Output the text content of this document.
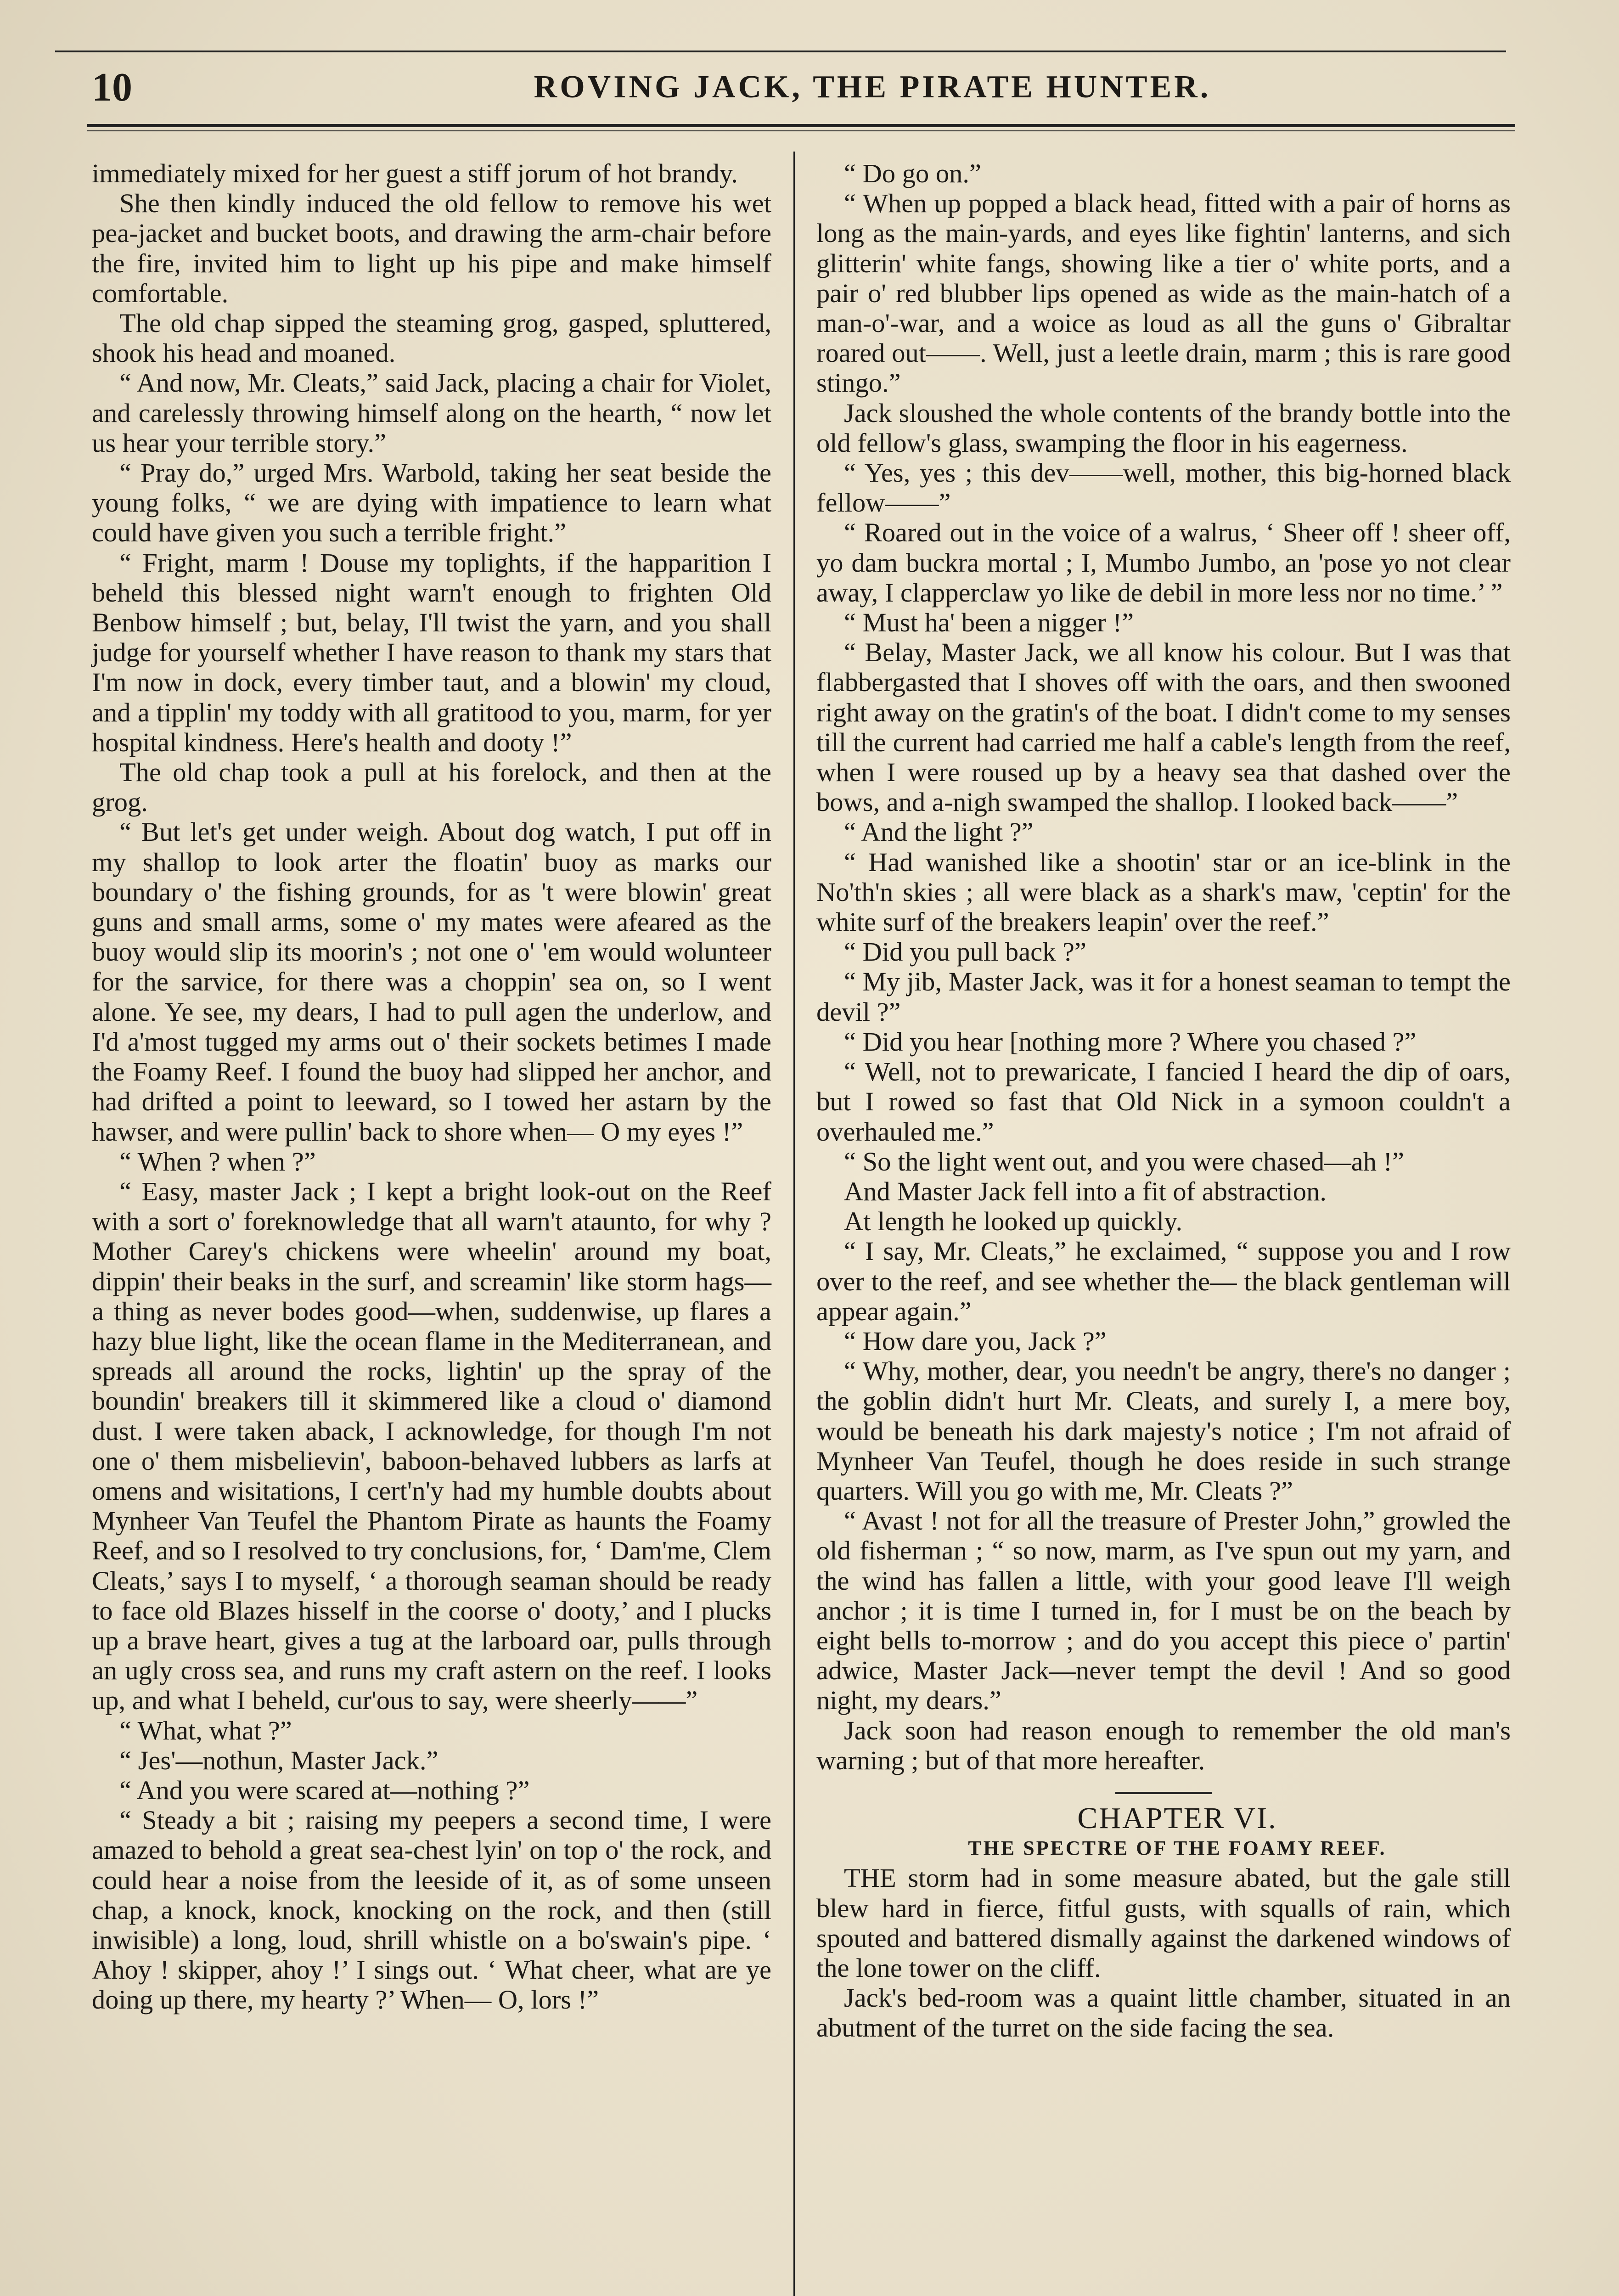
10	ROVING JACK, THE PIRATE HUNTER.

immediately mixed for her guest a stiff jorum of hot brandy.

She then kindly induced the old fellow to remove his wet pea-jacket and bucket boots, and drawing the arm-chair before the fire, invited him to light up his pipe and make himself comfortable.

The old chap sipped the steaming grog, gasped, spluttered, shook his head and moaned.

“ And now, Mr. Cleats,” said Jack, placing a chair for Violet, and carelessly throwing himself along on the hearth, “ now let us hear your terrible story.”

“ Pray do,” urged Mrs. Warbold, taking her seat beside the young folks, “ we are dying with impatience to learn what could have given you such a terrible fright.”

“ Fright, marm ! Douse my toplights, if the happarition I beheld this blessed night warn't enough to frighten Old Benbow himself ; but, belay, I'll twist the yarn, and you shall judge for yourself whether I have reason to thank my stars that I'm now in dock, every timber taut, and a blowin' my cloud, and a tipplin' my toddy with all gratitood to you, marm, for yer hospital kindness. Here's health and dooty !”

The old chap took a pull at his forelock, and then at the grog.

“ But let's get under weigh. About dog watch, I put off in my shallop to look arter the floatin' buoy as marks our boundary o' the fishing grounds, for as 't were blowin' great guns and small arms, some o' my mates were afeared as the buoy would slip its moorin's ; not one o' 'em would wolunteer for the sarvice, for there was a choppin' sea on, so I went alone. Ye see, my dears, I had to pull agen the underlow, and I'd a'most tugged my arms out o' their sockets betimes I made the Foamy Reef. I found the buoy had slipped her anchor, and had drifted a point to leeward, so I towed her astarn by the hawser, and were pullin' back to shore when— O my eyes !”

“ When ? when ?”

“ Easy, master Jack ; I kept a bright look-out on the Reef with a sort o' foreknowledge that all warn't ataunto, for why ? Mother Carey's chickens were wheelin' around my boat, dippin' their beaks in the surf, and screamin' like storm hags—a thing as never bodes good—when, suddenwise, up flares a hazy blue light, like the ocean flame in the Mediterranean, and spreads all around the rocks, lightin' up the spray of the boundin' breakers till it skimmered like a cloud o' diamond dust. I were taken aback, I acknowledge, for though I'm not one o' them misbelievin', baboon-behaved lubbers as larfs at omens and wisitations, I cert'n'y had my humble doubts about Mynheer Van Teufel the Phantom Pirate as haunts the Foamy Reef, and so I resolved to try conclusions, for, ‘ Dam'me, Clem Cleats,’ says I to myself, ‘ a thorough seaman should be ready to face old Blazes hisself in the coorse o' dooty,’ and I plucks up a brave heart, gives a tug at the larboard oar, pulls through an ugly cross sea, and runs my craft astern on the reef. I looks up, and what I beheld, cur'ous to say, were sheerly——”

“ What, what ?”

“ Jes'—nothun, Master Jack.”

“ And you were scared at—nothing ?”

“ Steady a bit ; raising my peepers a second time, I were amazed to behold a great sea-chest lyin' on top o' the rock, and could hear a noise from the leeside of it, as of some unseen chap, a knock, knock, knocking on the rock, and then (still inwisible) a long, loud, shrill whistle on a bo'swain's pipe. ‘ Ahoy ! skipper, ahoy !’ I sings out. ‘ What cheer, what are ye doing up there, my hearty ?’ When— O, lors !”

“ Do go on.”

“ When up popped a black head, fitted with a pair of horns as long as the main-yards, and eyes like fightin' lanterns, and sich glitterin' white fangs, showing like a tier o' white ports, and a pair o' red blubber lips opened as wide as the main-hatch of a man-o'-war, and a woice as loud as all the guns o' Gibraltar roared out——. Well, just a leetle drain, marm ; this is rare good stingo.”

Jack sloushed the whole contents of the brandy bottle into the old fellow's glass, swamping the floor in his eagerness.

“ Yes, yes ; this dev——well, mother, this big-horned black fellow——”

“ Roared out in the voice of a walrus, ‘ Sheer off ! sheer off, yo dam buckra mortal ; I, Mumbo Jumbo, an 'pose yo not clear away, I clapperclaw yo like de debil in more less nor no time.’ ”

“ Must ha' been a nigger !”

“ Belay, Master Jack, we all know his colour. But I was that flabbergasted that I shoves off with the oars, and then swooned right away on the gratin's of the boat. I didn't come to my senses till the current had carried me half a cable's length from the reef, when I were roused up by a heavy sea that dashed over the bows, and a-nigh swamped the shallop. I looked back——”

“ And the light ?”

“ Had wanished like a shootin' star or an ice-blink in the No'th'n skies ; all were black as a shark's maw, 'ceptin' for the white surf of the breakers leapin' over the reef.”

“ Did you pull back ?”

“ My jib, Master Jack, was it for a honest seaman to tempt the devil ?”

“ Did you hear [nothing more ? Where you chased ?”

“ Well, not to prewaricate, I fancied I heard the dip of oars, but I rowed so fast that Old Nick in a symoon couldn't a overhauled me.”

“ So the light went out, and you were chased—ah !”

And Master Jack fell into a fit of abstraction.

At length he looked up quickly.

“ I say, Mr. Cleats,” he exclaimed, “ suppose you and I row over to the reef, and see whether the— the black gentleman will appear again.”

“ How dare you, Jack ?”

“ Why, mother, dear, you needn't be angry, there's no danger ; the goblin didn't hurt Mr. Cleats, and surely I, a mere boy, would be beneath his dark majesty's notice ; I'm not afraid of Mynheer Van Teufel, though he does reside in such strange quarters. Will you go with me, Mr. Cleats ?”

“ Avast ! not for all the treasure of Prester John,” growled the old fisherman ; “ so now, marm, as I've spun out my yarn, and the wind has fallen a little, with your good leave I'll weigh anchor ; it is time I turned in, for I must be on the beach by eight bells to-morrow ; and do you accept this piece o' partin' adwice, Master Jack—never tempt the devil ! And so good night, my dears.”

Jack soon had reason enough to remember the old man's warning ; but of that more hereafter.

CHAPTER VI.

THE SPECTRE OF THE FOAMY REEF.

THE storm had in some measure abated, but the gale still blew hard in fierce, fitful gusts, with squalls of rain, which spouted and battered dismally against the darkened windows of the lone tower on the cliff.

Jack's bed-room was a quaint little chamber, situated in an abutment of the turret on the side facing the sea.
